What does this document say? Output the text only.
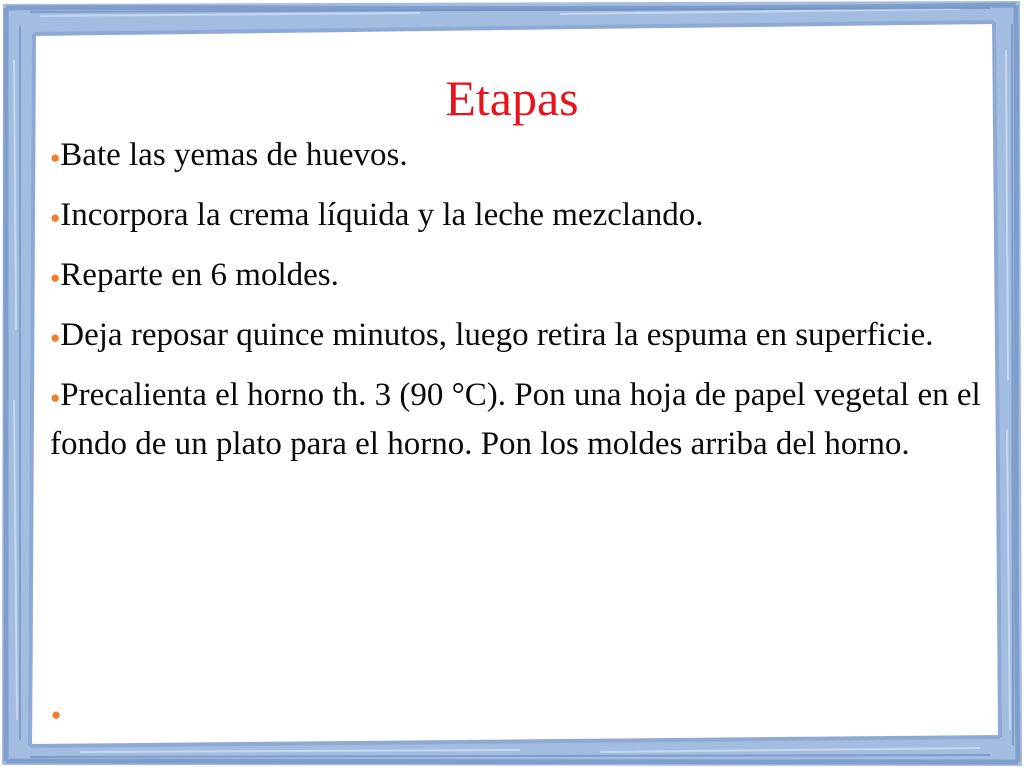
Etapas
●Bate las yemas de huevos.
●Incorpora la crema líquida y la leche mezclando.
●Reparte en 6 moldes.
●Deja reposar quince minutos, luego retira la espuma en superficie.
●Precalienta el horno th. 3 (90 °C). Pon una hoja de papel vegetal en el fondo de un plato para el horno. Pon los moldes arriba del horno.
●
